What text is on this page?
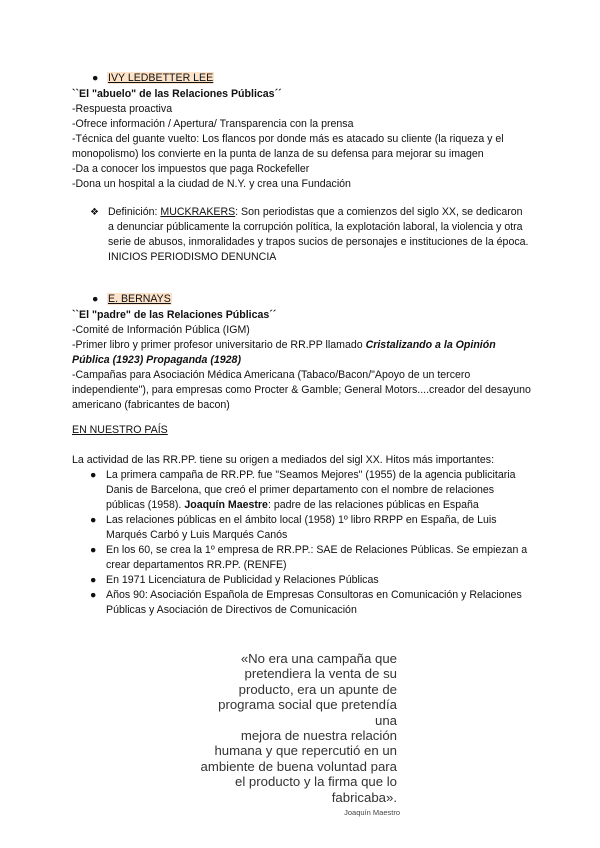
● IVY LEDBETTER LEE
``El "abuelo" de las Relaciones Públicas´´
-Respuesta proactiva
-Ofrece información / Apertura/ Transparencia con la prensa
-Técnica del guante vuelto: Los flancos por donde más es atacado su cliente (la riqueza y el
monopolismo) los convierte en la punta de lanza de su defensa para mejorar su imagen
-Da a conocer los impuestos que paga Rockefeller
-Dona un hospital a la ciudad de N.Y. y crea una Fundación
❖ Definición: MUCKRAKERS: Son periodistas que a comienzos del siglo XX, se dedicaron a denunciar públicamente la corrupción política, la explotación laboral, la violencia y otra serie de abusos, inmoralidades y trapos sucios de personajes e instituciones de la época. INICIOS PERIODISMO DENUNCIA
● E. BERNAYS
``El "padre" de las Relaciones Públicas´´
-Comité de Información Pública (IGM)
-Primer libro y primer profesor universitario de RR.PP llamado Cristalizando a la Opinión
Pública (1923) Propaganda (1928)
-Campañas para Asociación Médica Americana (Tabaco/Bacon/"Apoyo de un tercero independiente"), para empresas como Procter & Gamble; General Motors....creador del desayuno americano (fabricantes de bacon)
EN NUESTRO PAÍS
La actividad de las RR.PP. tiene su origen a mediados del sigl XX. Hitos más importantes:
● La primera campaña de RR.PP. fue "Seamos Mejores" (1955) de la agencia publicitaria Danis de Barcelona, que creó el primer departamento con el nombre de relaciones públicas (1958). Joaquín Maestre: padre de las relaciones públicas en España
● Las relaciones públicas en el ámbito local (1958) 1º libro RRPP en España, de Luis Marqués Carbó y Luis Marqués Canós
● En los 60, se crea la 1º empresa de RR.PP.: SAE de Relaciones Públicas. Se empiezan a crear departamentos RR.PP. (RENFE)
● En 1971 Licenciatura de Publicidad y Relaciones Públicas
● Años 90: Asociación Española de Empresas Consultoras en Comunicación y Relaciones Públicas y Asociación de Directivos de Comunicación
«No era una campaña que
pretendiera la venta de su
producto, era un apunte de
programa social que pretendía una
mejora de nuestra relación
humana y que repercutió en un
ambiente de buena voluntad para
el producto y la firma que lo
fabricaba».
Joaquín Maestro
